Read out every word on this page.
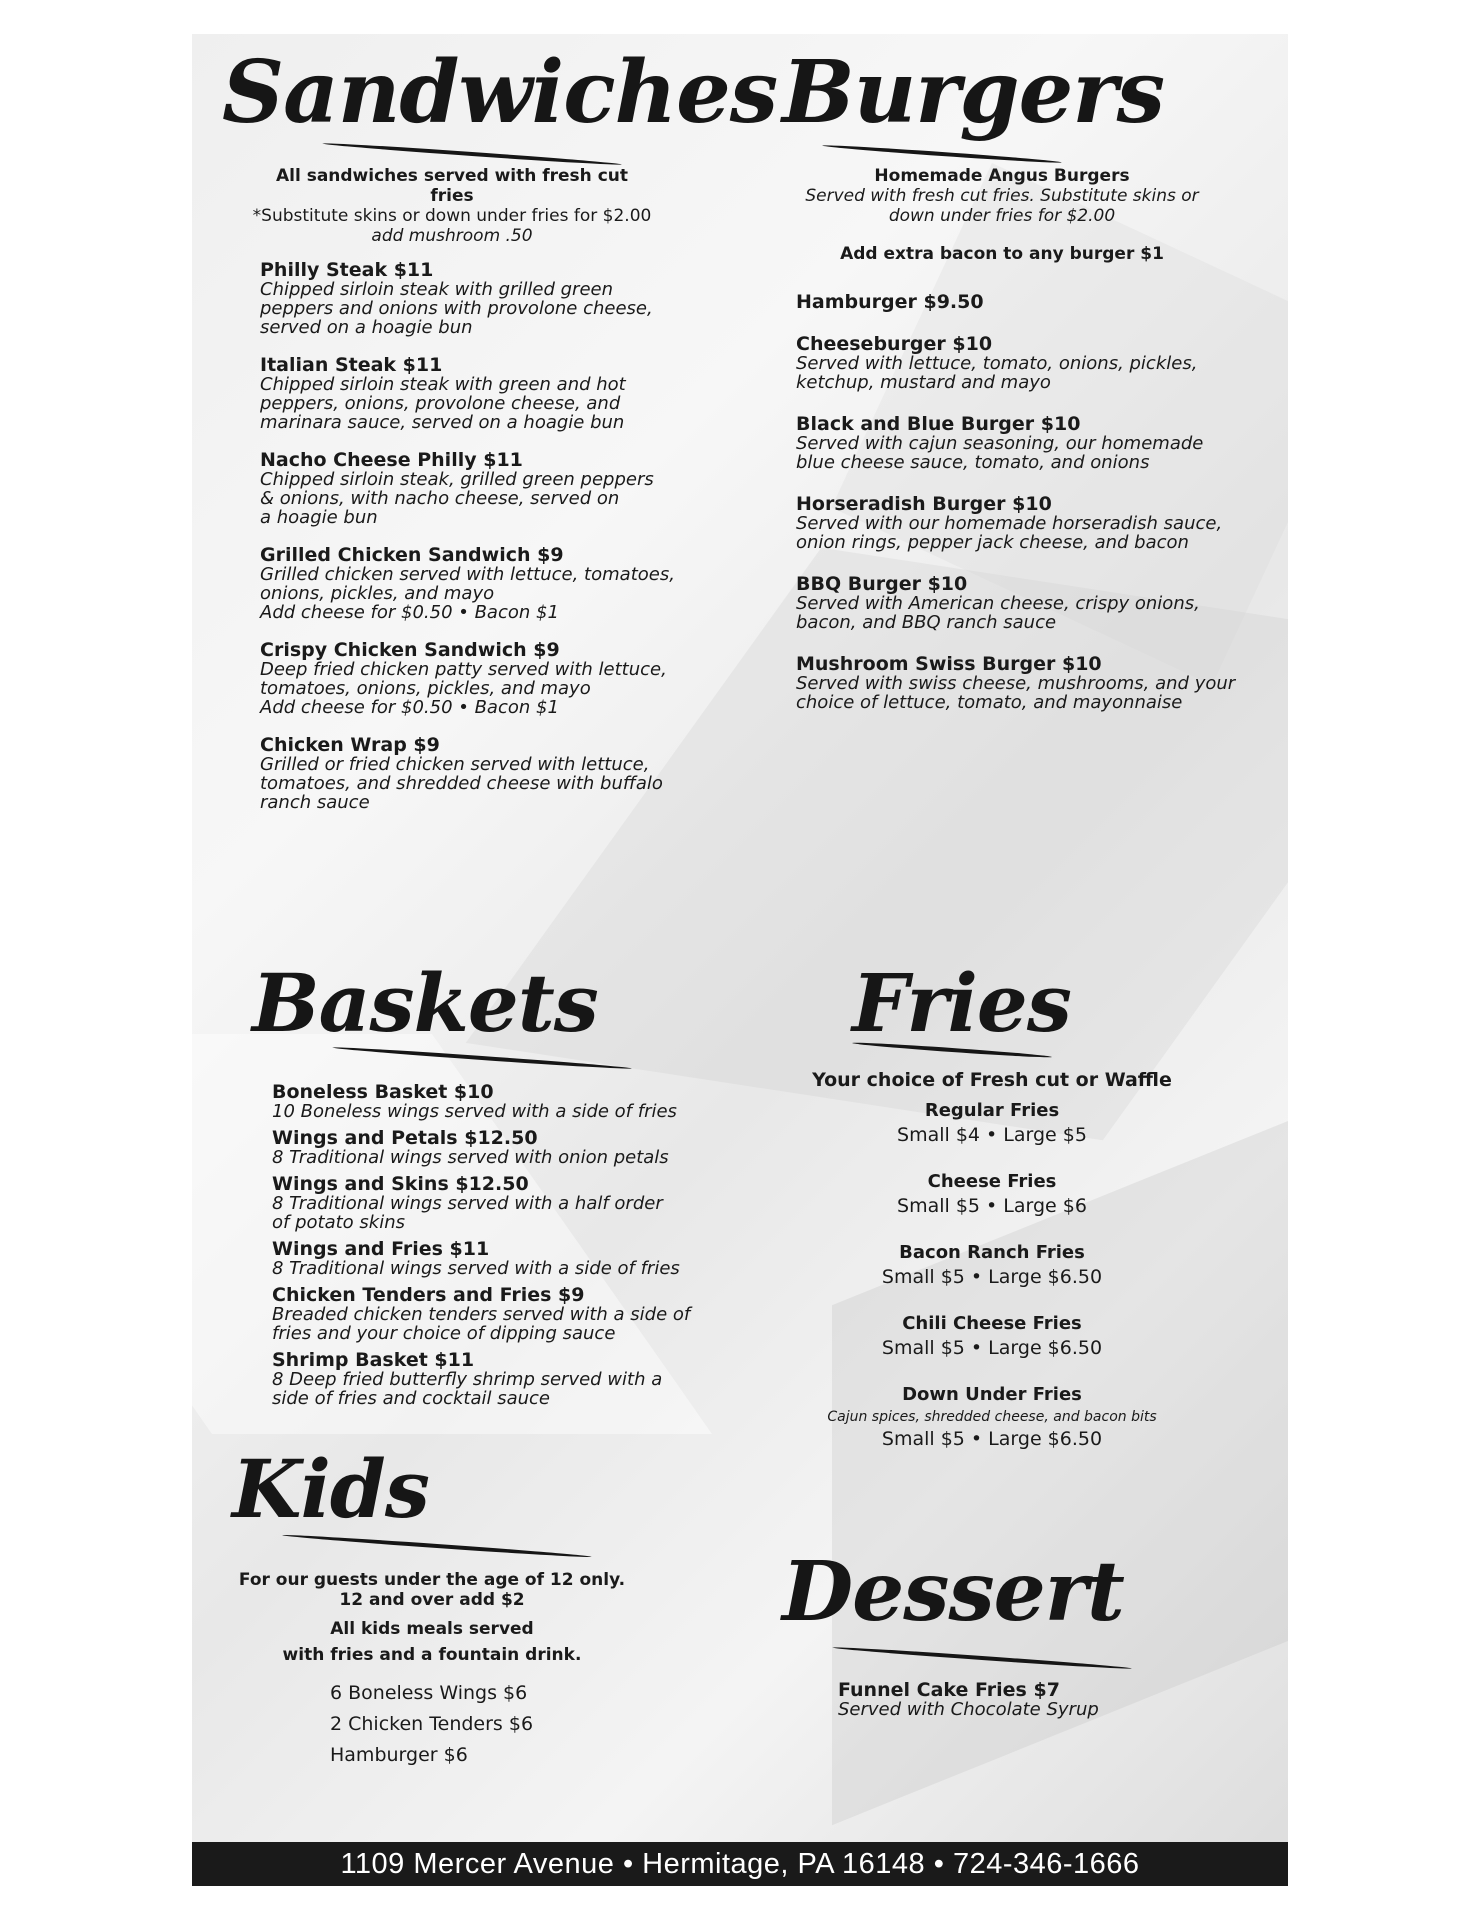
Sandwiches
All sandwiches served with fresh cut fries
*Substitute skins or down under fries for $2.00
add mushroom .50
Philly Steak $11
Chipped sirloin steak with grilled green
peppers and onions with provolone cheese,
served on a hoagie bun
Italian Steak $11
Chipped sirloin steak with green and hot
peppers, onions, provolone cheese, and
marinara sauce, served on a hoagie bun
Nacho Cheese Philly $11
Chipped sirloin steak, grilled green peppers
& onions, with nacho cheese, served on
a hoagie bun
Grilled Chicken Sandwich $9
Grilled chicken served with lettuce, tomatoes,
onions, pickles, and mayo
Add cheese for $0.50 • Bacon $1
Crispy Chicken Sandwich $9
Deep fried chicken patty served with lettuce,
tomatoes, onions, pickles, and mayo
Add cheese for $0.50 • Bacon $1
Chicken Wrap $9
Grilled or fried chicken served with lettuce,
tomatoes, and shredded cheese with buffalo
ranch sauce
Burgers
Homemade Angus Burgers
Served with fresh cut fries. Substitute skins or
down under fries for $2.00
Add extra bacon to any burger $1
Hamburger $9.50
Cheeseburger $10
Served with lettuce, tomato, onions, pickles,
ketchup, mustard and mayo
Black and Blue Burger $10
Served with cajun seasoning, our homemade
blue cheese sauce, tomato, and onions
Horseradish Burger $10
Served with our homemade horseradish sauce,
onion rings, pepper jack cheese, and bacon
BBQ Burger $10
Served with American cheese, crispy onions,
bacon, and BBQ ranch sauce
Mushroom Swiss Burger $10
Served with swiss cheese, mushrooms, and your
choice of lettuce, tomato, and mayonnaise
Baskets
Boneless Basket $10
10 Boneless wings served with a side of fries
Wings and Petals $12.50
8 Traditional wings served with onion petals
Wings and Skins $12.50
8 Traditional wings served with a half order
of potato skins
Wings and Fries $11
8 Traditional wings served with a side of fries
Chicken Tenders and Fries $9
Breaded chicken tenders served with a side of
fries and your choice of dipping sauce
Shrimp Basket $11
8 Deep fried butterfly shrimp served with a
side of fries and cocktail sauce
Fries
Your choice of Fresh cut or Waffle
Regular Fries
Small $4 • Large $5
Cheese Fries
Small $5 • Large $6
Bacon Ranch Fries
Small $5 • Large $6.50
Chili Cheese Fries
Small $5 • Large $6.50
Down Under Fries
Cajun spices, shredded cheese, and bacon bits
Small $5 • Large $6.50
Kids
For our guests under the age of 12 only.
12 and over add $2
All kids meals served
with fries and a fountain drink.
6 Boneless Wings $6
2 Chicken Tenders $6
Hamburger $6
Dessert
Funnel Cake Fries $7
Served with Chocolate Syrup
1109 Mercer Avenue • Hermitage, PA 16148 • 724-346-1666
